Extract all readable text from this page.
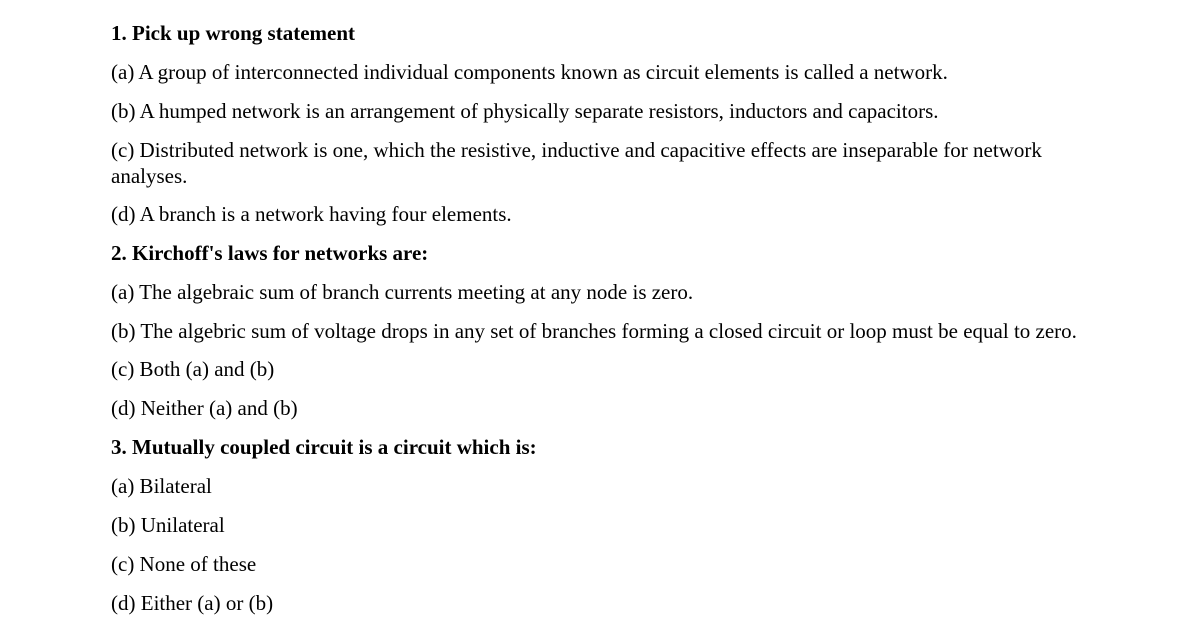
1. Pick up wrong statement
(a) A group of interconnected individual components known as circuit elements is called a network.
(b) A humped network is an arrangement of physically separate resistors, inductors and capacitors.
(c) Distributed network is one, which the resistive, inductive and capacitive effects are inseparable for network analyses.
(d) A branch is a network having four elements.
2. Kirchoff's laws for networks are:
(a) The algebraic sum of branch currents meeting at any node is zero.
(b) The algebric sum of voltage drops in any set of branches forming a closed circuit or loop must be equal to zero.
(c) Both (a) and (b)
(d) Neither (a) and (b)
3. Mutually coupled circuit is a circuit which is:
(a) Bilateral
(b) Unilateral
(c) None of these
(d) Either (a) or (b)
